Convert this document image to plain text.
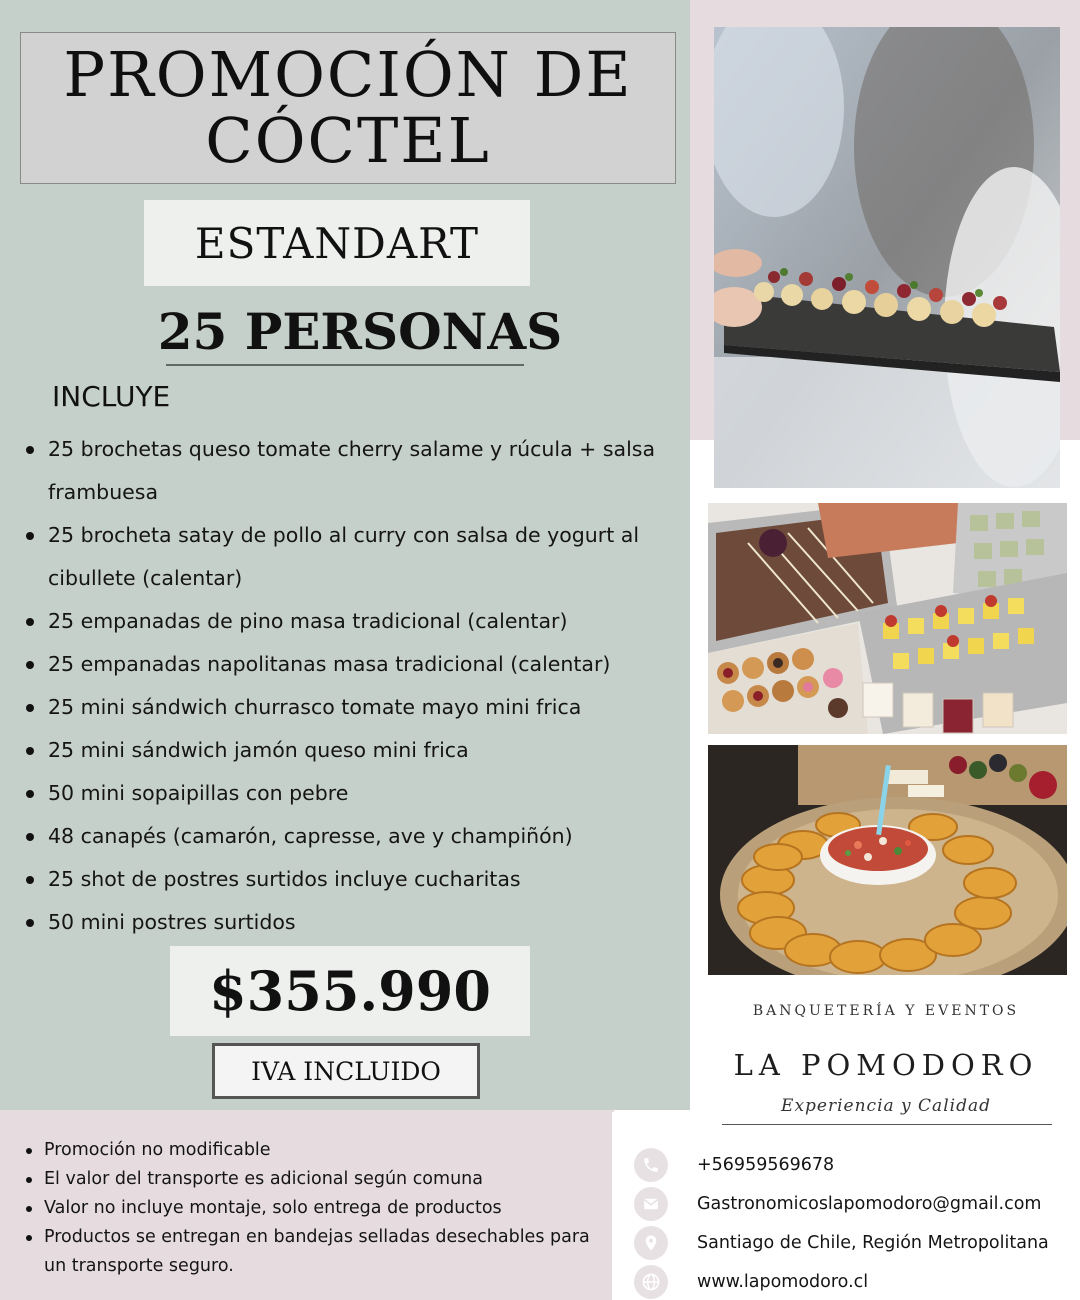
PROMOCIÓN DE CÓCTEL
ESTANDART
25 PERSONAS
INCLUYE
25 brochetas queso tomate cherry salame y rúcula + salsa frambuesa
25 brocheta satay de pollo al curry con salsa de yogurt al cibullete (calentar)
25 empanadas de pino masa tradicional (calentar)
25 empanadas napolitanas masa tradicional (calentar)
25 mini sándwich churrasco tomate mayo mini frica
25 mini sándwich jamón queso mini frica
50 mini sopaipillas con pebre
48 canapés (camarón, capresse, ave y champiñón)
25 shot de postres surtidos incluye cucharitas
50 mini postres surtidos
$355.990
IVA INCLUIDO
Promoción no modificable
El valor del transporte es adicional según comuna
Valor no incluye montaje, solo entrega de productos
Productos se entregan en bandejas selladas desechables para un transporte seguro.
BANQUETERÍA Y EVENTOS
LA POMODORO
Experiencia y Calidad
+56959569678
Gastronomicoslapomodoro@gmail.com
Santiago de Chile, Región Metropolitana
www.lapomodoro.cl
